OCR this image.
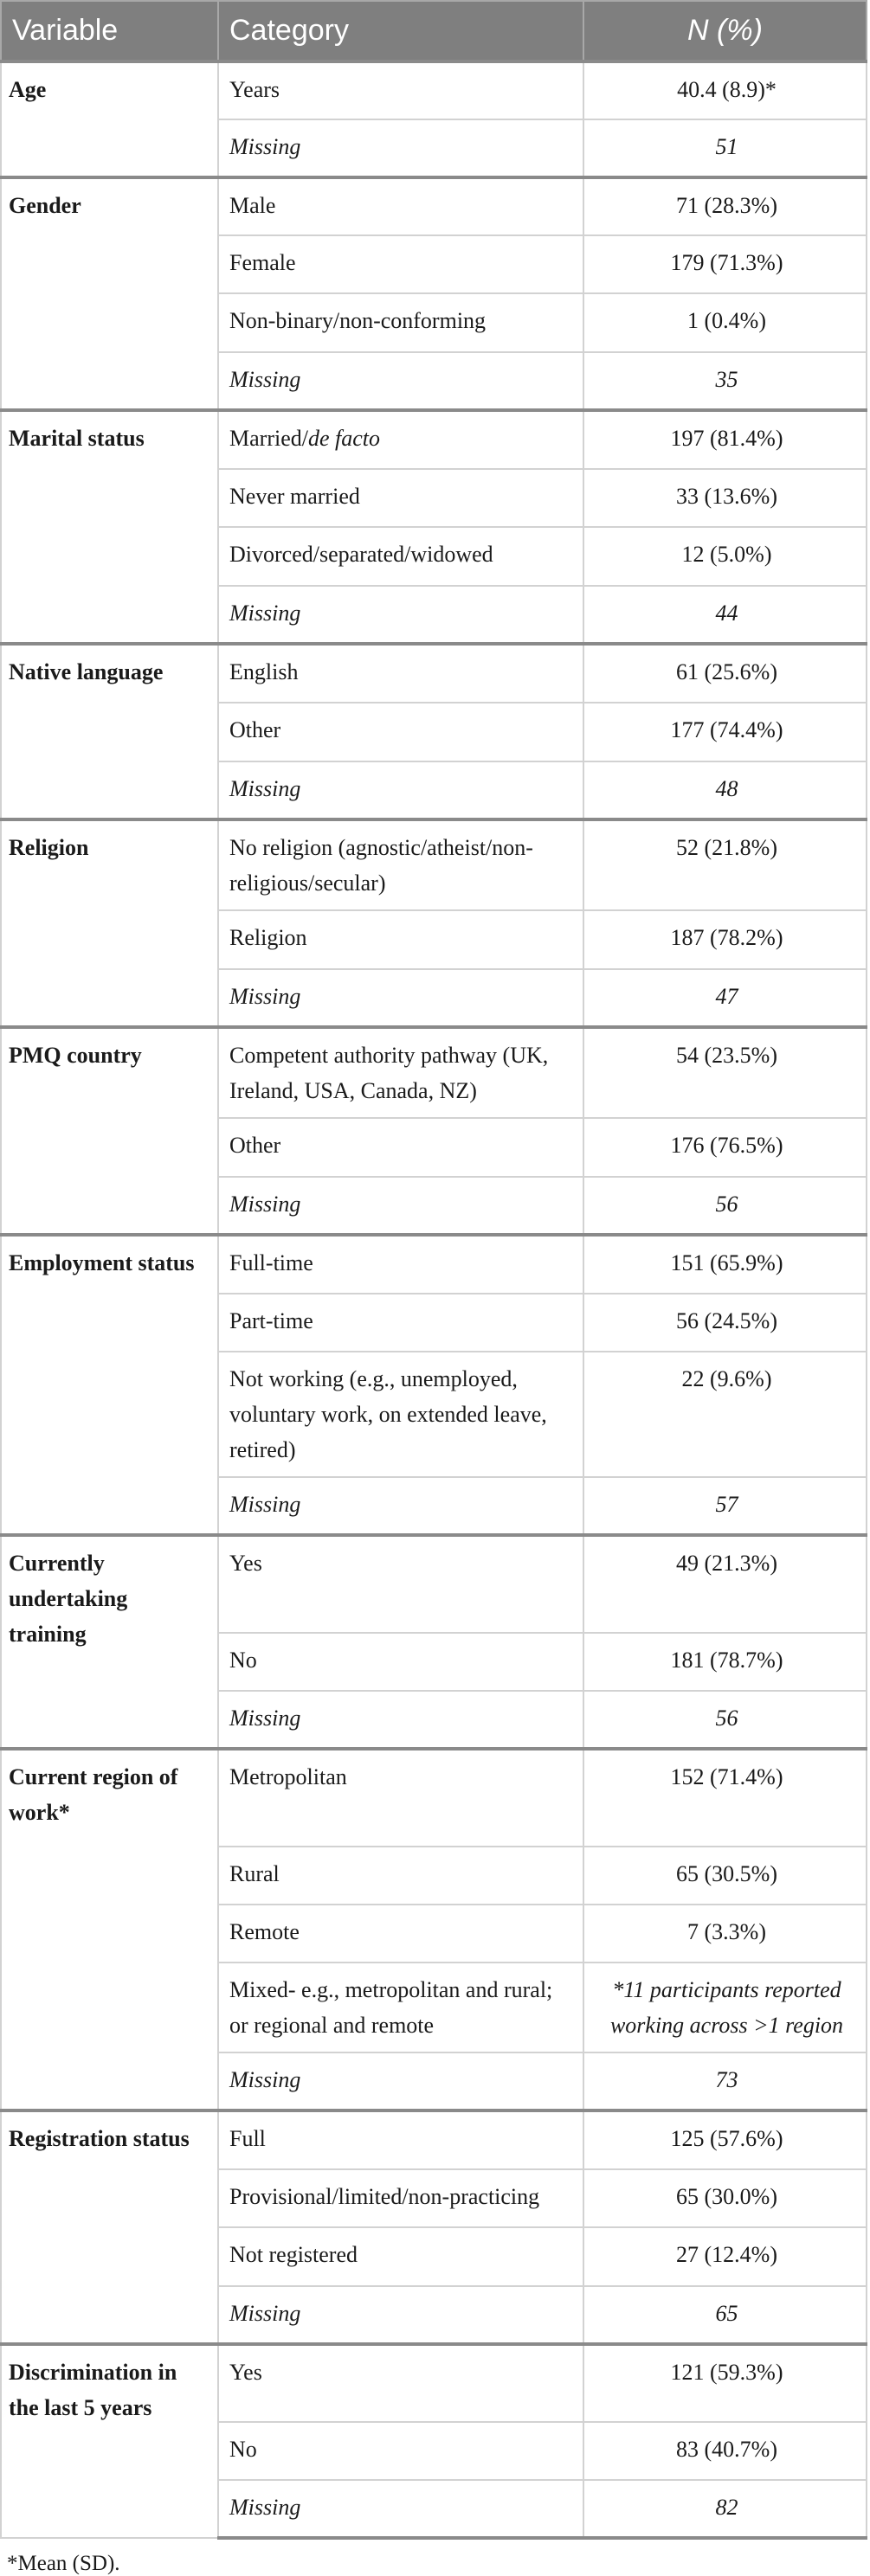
Variable	Category	N (%)
Age	Years	40.4 (8.9)*
	Missing	51
Gender	Male	71 (28.3%)
	Female	179 (71.3%)
	Non-binary/non-conforming	1 (0.4%)
	Missing	35
Marital status	Married/de facto	197 (81.4%)
	Never married	33 (13.6%)
	Divorced/separated/widowed	12 (5.0%)
	Missing	44
Native language	English	61 (25.6%)
	Other	177 (74.4%)
	Missing	48
Religion	No religion (agnostic/atheist/non-religious/secular)	52 (21.8%)
	Religion	187 (78.2%)
	Missing	47
PMQ country	Competent authority pathway (UK, Ireland, USA, Canada, NZ)	54 (23.5%)
	Other	176 (76.5%)
	Missing	56
Employment status	Full-time	151 (65.9%)
	Part-time	56 (24.5%)
	Not working (e.g., unemployed, voluntary work, on extended leave, retired)	22 (9.6%)
	Missing	57
Currently undertaking training	Yes	49 (21.3%)
	No	181 (78.7%)
	Missing	56
Current region of work*	Metropolitan	152 (71.4%)
	Rural	65 (30.5%)
	Remote	7 (3.3%)
	Mixed- e.g., metropolitan and rural; or regional and remote	*11 participants reported working across >1 region
	Missing	73
Registration status	Full	125 (57.6%)
	Provisional/limited/non-practicing	65 (30.0%)
	Not registered	27 (12.4%)
	Missing	65
Discrimination in the last 5 years	Yes	121 (59.3%)
	No	83 (40.7%)
	Missing	82
*Mean (SD).
